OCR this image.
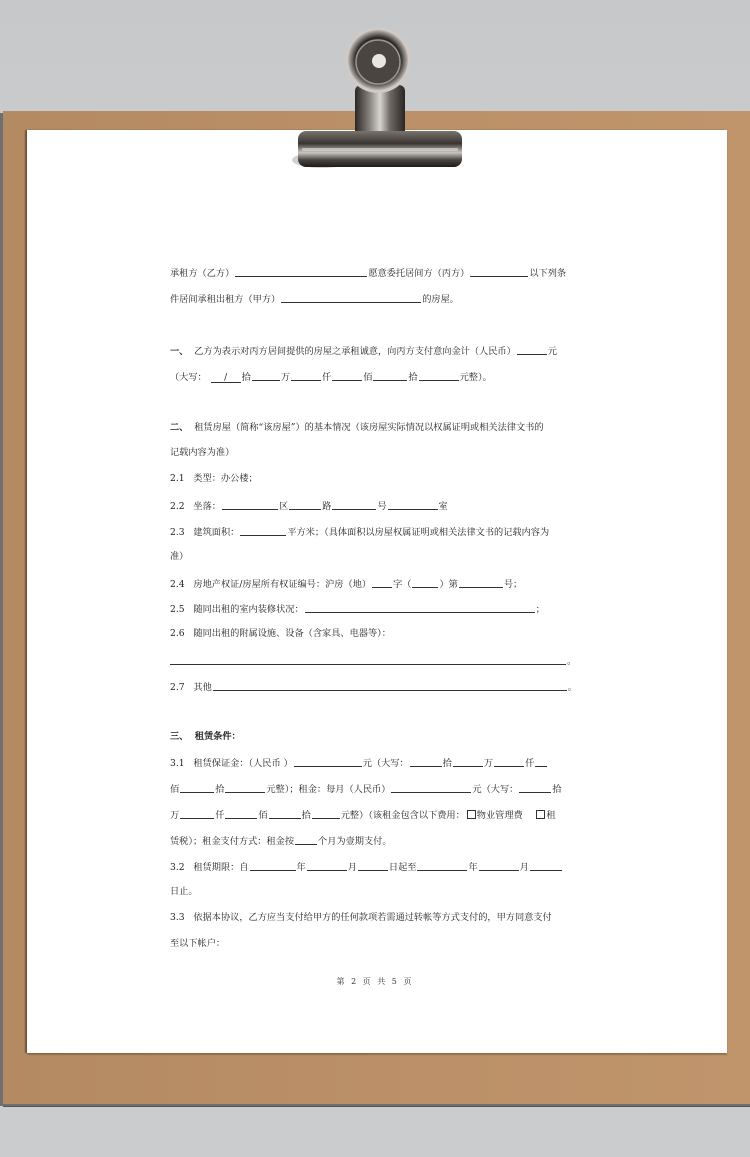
承租方（乙方）	愿意委托居间方（丙方）	以下列条
件居间承租出租方（甲方）	的房屋。
一、 乙方为表示对丙方居间提供的房屋之承租诚意，向丙方支付意向金计（人民币）	元
（大写： / 拾	万	仟	佰	拾	元整）。
二、 租赁房屋（简称“该房屋”）的基本情况（该房屋实际情况以权属证明或相关法律文书的
记载内容为准）
2.1 类型：办公楼；
2.2 坐落：	区	路	号	室
2.3 建筑面积：	平方米；（具体面积以房屋权属证明或相关法律文书的记载内容为
准）
2.4 房地产权证/房屋所有权证编号：沪房（地） 字（	）第	号；
2.5 随同出租的室内装修状况：	；
2.6 随同出租的附属设施、设备（含家具、电器等）：
。
2.7 其他	。
三、 租赁条件：
3.1 租赁保证金：（人民币 ）	元（大写：	拾	万	仟
佰	拾	元整）；租金：每月（人民币）	元（大写：	拾
万	仟	佰	拾	元整）（该租金包含以下费用： 物业管理费	租
赁税）；租金支付方式：租金按	个月为壹期支付。
3.2 租赁期限：自	年	月	日起至	年	月
日止。
3.3 依据本协议，乙方应当支付给甲方的任何款项若需通过转帐等方式支付的，甲方同意支付
至以下帐户：
第 2 页 共 5 页
